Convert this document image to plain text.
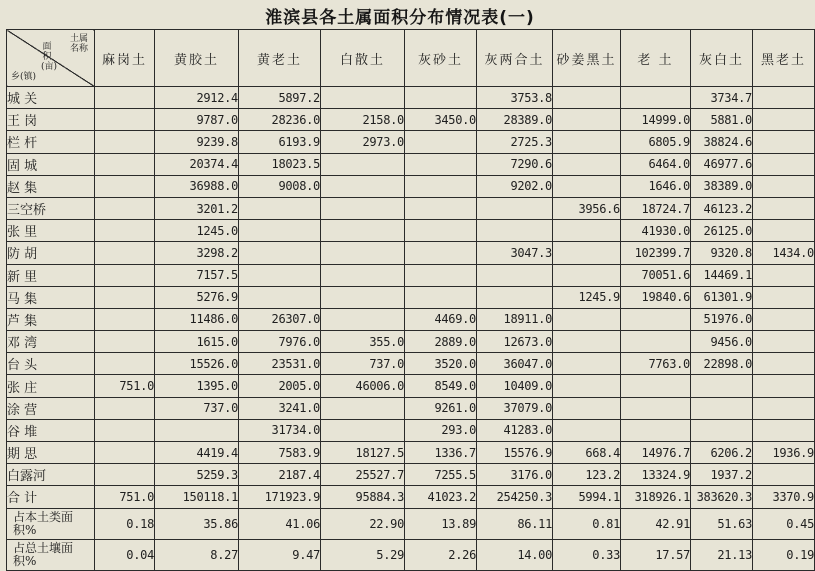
淮滨县各土属面积分布情况表(一)
土属名称
面积(亩)
乡(镇)	麻岗土	黄胶土	黄老土	白散土	灰砂土	灰两合土	砂姜黑土	老 土	灰白土	黑老土
城 关		2912.4	5897.2			3753.8			3734.7	
王 岗		9787.0	28236.0	2158.0	3450.0	28389.0		14999.0	5881.0	
栏 杆		9239.8	6193.9	2973.0		2725.3		6805.9	38824.6	
固 城		20374.4	18023.5			7290.6		6464.0	46977.6	
赵 集		36988.0	9008.0			9202.0		1646.0	38389.0	
三空桥		3201.2					3956.6	18724.7	46123.2	
张 里		1245.0						41930.0	26125.0	
防 胡		3298.2				3047.3		102399.7	9320.8	1434.0
新 里		7157.5						70051.6	14469.1	
马 集		5276.9					1245.9	19840.6	61301.9	
芦 集		11486.0	26307.0		4469.0	18911.0			51976.0	
邓 湾		1615.0	7976.0	355.0	2889.0	12673.0			9456.0	
台 头		15526.0	23531.0	737.0	3520.0	36047.0		7763.0	22898.0	
张 庄	751.0	1395.0	2005.0	46006.0	8549.0	10409.0				
涂 营		737.0	3241.0		9261.0	37079.0				
谷 堆			31734.0		293.0	41283.0				
期 思		4419.4	7583.9	18127.5	1336.7	15576.9	668.4	14976.7	6206.2	1936.9
白露河		5259.3	2187.4	25527.7	7255.5	3176.0	123.2	13324.9	1937.2	
合 计	751.0	150118.1	171923.9	95884.3	41023.2	254250.3	5994.1	318926.1	383620.3	3370.9
占本土类面积%	0.18	35.86	41.06	22.90	13.89	86.11	0.81	42.91	51.63	0.45
占总土壤面积%	0.04	8.27	9.47	5.29	2.26	14.00	0.33	17.57	21.13	0.19
